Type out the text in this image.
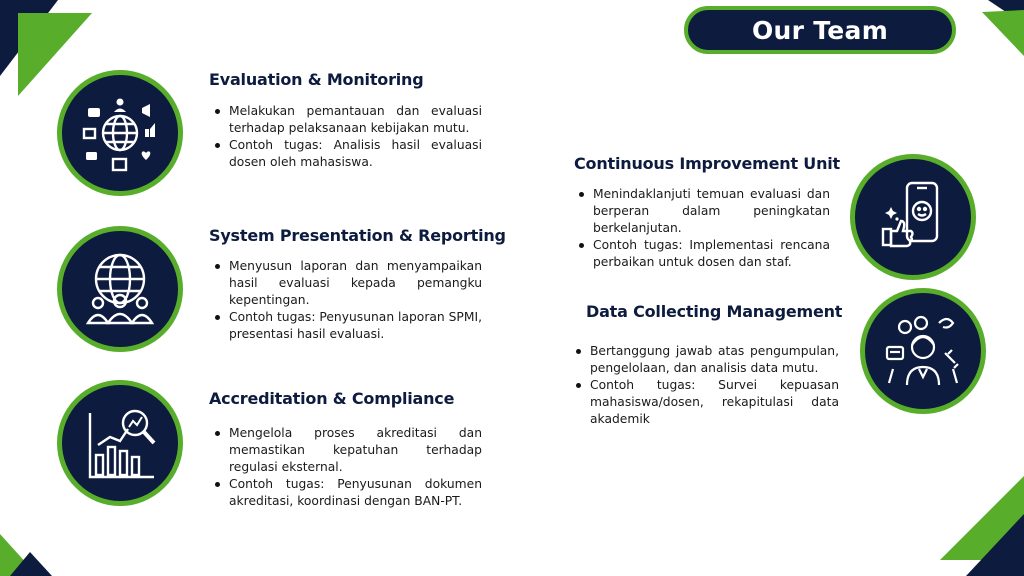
Our Team
Evaluation & Monitoring
Melakukan pemantauan dan evaluasi terhadap pelaksanaan kebijakan mutu.
Contoh tugas: Analisis hasil evaluasi dosen oleh mahasiswa.
System Presentation & Reporting
Menyusun laporan dan menyampaikan hasil evaluasi kepada pemangku kepentingan.
Contoh tugas: Penyusunan laporan SPMI, presentasi hasil evaluasi.
Accreditation & Compliance
Mengelola proses akreditasi dan memastikan kepatuhan terhadap regulasi eksternal.
Contoh tugas: Penyusunan dokumen akreditasi, koordinasi dengan BAN-PT.
Continuous Improvement Unit
Menindaklanjuti temuan evaluasi dan berperan dalam peningkatan berkelanjutan.
Contoh tugas: Implementasi rencana perbaikan untuk dosen dan staf.
Data Collecting Management
Bertanggung jawab atas pengumpulan, pengelolaan, dan analisis data mutu.
Contoh tugas: Survei kepuasan mahasiswa/dosen, rekapitulasi data akademik
